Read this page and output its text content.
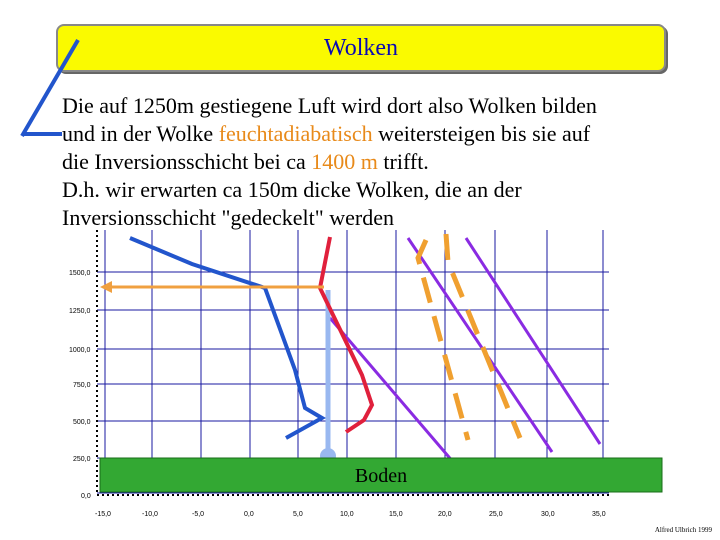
Wolken
0,0
250,0
500,0
750,0
1000,0
1250,0
1500,0
-15,0	-10,0	-5,0	0,0	5,0	10,0	15,0	20,0	25,0	30,0	35,0
Boden
Die auf 1250m gestiegene Luft wird dort also Wolken bilden
und in der Wolke feuchtadiabatisch weitersteigen bis sie auf
die Inversionsschicht bei ca 1400 m trifft.
D.h. wir erwarten ca 150m dicke Wolken, die an der
Inversionsschicht "gedeckelt" werden
Alfred Ulbrich 1999
